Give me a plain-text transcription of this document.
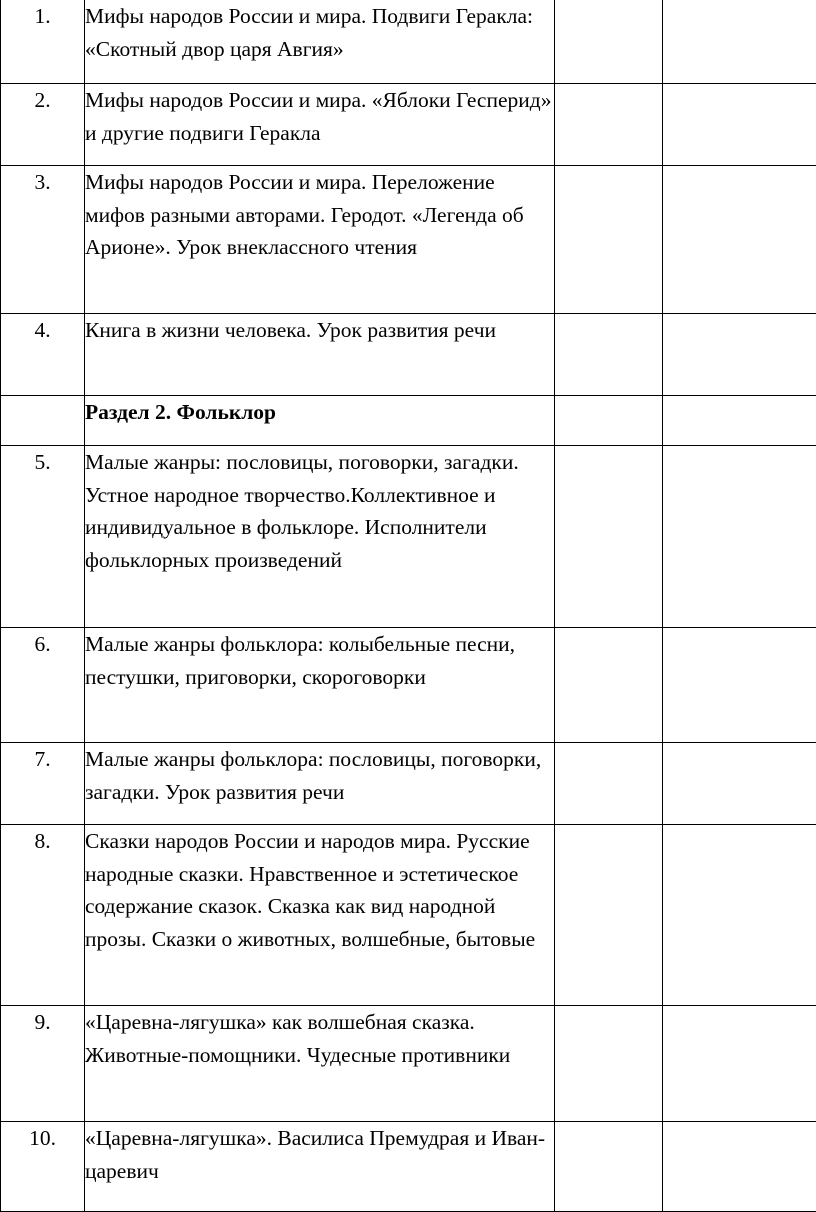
1.	Мифы народов России и мира. Подвиги Геракла: «Скотный двор царя Авгия»		

2.	Мифы народов России и мира. «Яблоки Гесперид» и другие подвиги Геракла		

3.	Мифы народов России и мира. Переложение мифов разными авторами. Геродот. «Легенда об Арионе». Урок внеклассного чтения		

4.	Книга в жизни человека. Урок развития речи		

	Раздел 2. Фольклор		

5.	Малые жанры: пословицы, поговорки, загадки. Устное народное творчество.Коллективное и индивидуальное в фольклоре. Исполнители фольклорных произведений		

6.	Малые жанры фольклора: колыбельные песни, пестушки, приговорки, скороговорки		

7.	Малые жанры фольклора: пословицы, поговорки, загадки. Урок развития речи		

8.	Сказки народов России и народов мира. Русские народные сказки. Нравственное и эстетическое содержание сказок. Сказка как вид народной прозы. Сказки о животных, волшебные, бытовые		

9.	«Царевна-лягушка» как волшебная сказка. Животные-помощники. Чудесные противники		

10.	«Царевна-лягушка». Василиса Премудрая и Иван-царевич		
